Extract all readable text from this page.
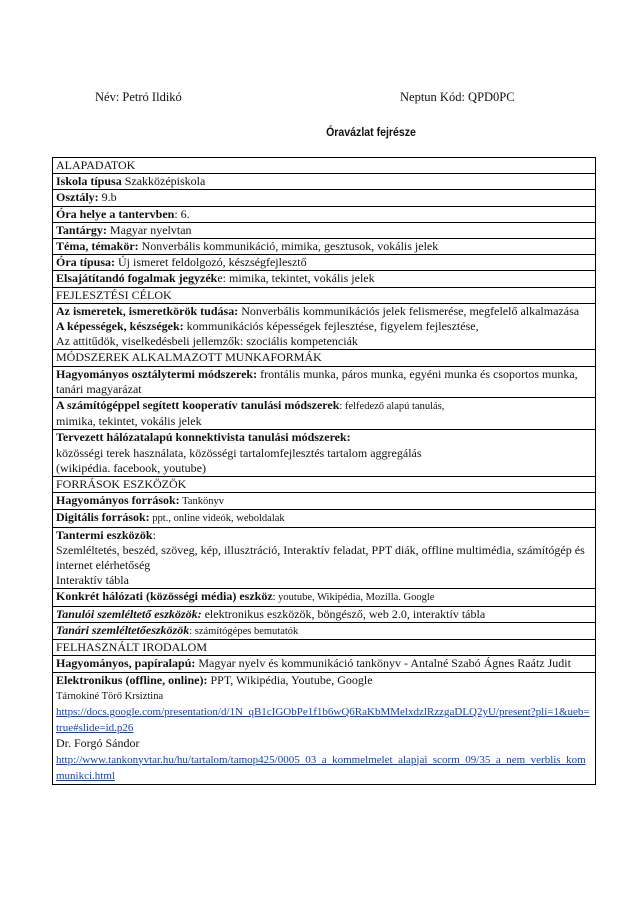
Név: Petró Ildikó	Neptun Kód: QPD0PC
Óravázlat fejrésze
ALAPADATOK
Iskola típusa Szakközépiskola
Osztály: 9.b
Óra helye a tantervben: 6.
Tantárgy: Magyar nyelvtan
Téma, témakör: Nonverbális kommunikáció, mimika, gesztusok, vokális jelek
Óra típusa: Új ismeret feldolgozó, készségfejlesztő
Elsajátítandó fogalmak jegyzéke: mimika, tekintet, vokális jelek
FEJLESZTÉSI CÉLOK
Az ismeretek, ismeretkörök tudása: Nonverbális kommunikációs jelek felismerése, megfelelő alkalmazása
A képességek, készségek: kommunikációs képességek fejlesztése, figyelem fejlesztése,
Az attitűdök, viselkedésbeli jellemzők: szociális kompetenciák
MÓDSZEREK ALKALMAZOTT MUNKAFORMÁK
Hagyományos osztálytermi módszerek: frontális munka, páros munka, egyéni munka és csoportos munka, tanári magyarázat
A számítógéppel segített kooperatív tanulási módszerek: felfedező alapú tanulás,
mimika, tekintet, vokális jelek
Tervezett hálózatalapú konnektivista tanulási módszerek:
közösségi terek használata, közösségi tartalomfejlesztés tartalom aggregálás
(wikipédia. facebook, youtube)
FORRÁSOK ESZKÖZÖK
Hagyományos források: Tankönyv
Digitális források: ppt., online videók, weboldalak
Tantermi eszközök:
Szemléltetés, beszéd, szöveg, kép, illusztráció, Interaktív feladat, PPT diák, offline multimédia, számítógép és internet elérhetőség
Interaktív tábla
Konkrét hálózati (közösségi média) eszköz: youtube, Wikipédia, Mozilla. Google
Tanulói szemléltető eszközök: elektronikus eszközök, böngésző, web 2.0, interaktív tábla
Tanári szemléltetőeszközök: számítógépes bemutatók
FELHASZNÁLT IRODALOM
Hagyományos, papíralapú: Magyar nyelv és kommunikáció tankönyv - Antalné Szabó Ágnes Raátz Judit
Elektronikus (offline, online): PPT, Wikipédia, Youtube, Google
Tárnokiné Törő Krsiztina
https://docs.google.com/presentation/d/1N_qB1cIGObPe1f1b6wQ6RaKbMMelxdzlRzzgaDLQ2yU/present?pli=1&ueb=true#slide=id.p26
Dr. Forgó Sándor
http://www.tankonyvtar.hu/hu/tartalom/tamop425/0005_03_a_kommelmelet_alapjai_scorm_09/35_a_nem_verblis_kommunikci.html
